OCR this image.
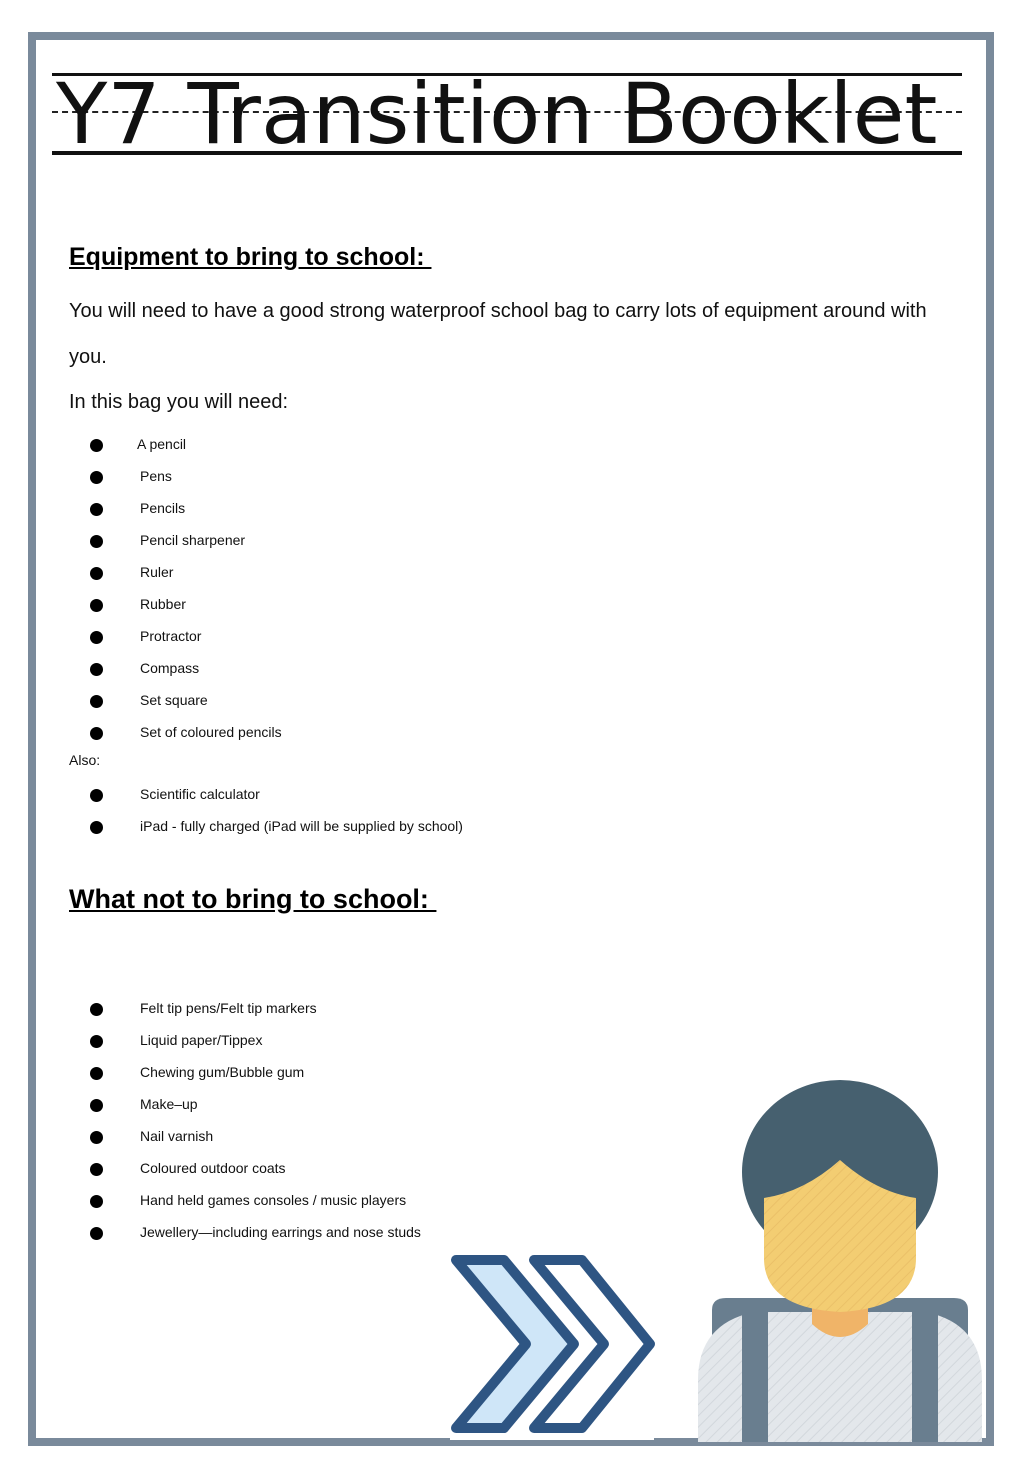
Y7 Transition Booklet
Equipment to bring to school:
You will need to have a good strong waterproof school bag to carry lots of equipment around with
you.
In this bag you will need:
A pencil
Pens
Pencils
Pencil sharpener
Ruler
Rubber
Protractor
Compass
Set square
Set of coloured pencils
Also:
Scientific calculator
iPad - fully charged (iPad will be supplied by school)
What not to bring to school:
Felt tip pens/Felt tip markers
Liquid paper/Tippex
Chewing gum/Bubble gum
Make–up
Nail varnish
Coloured outdoor coats
Hand held games consoles / music players
Jewellery—including earrings and nose studs
